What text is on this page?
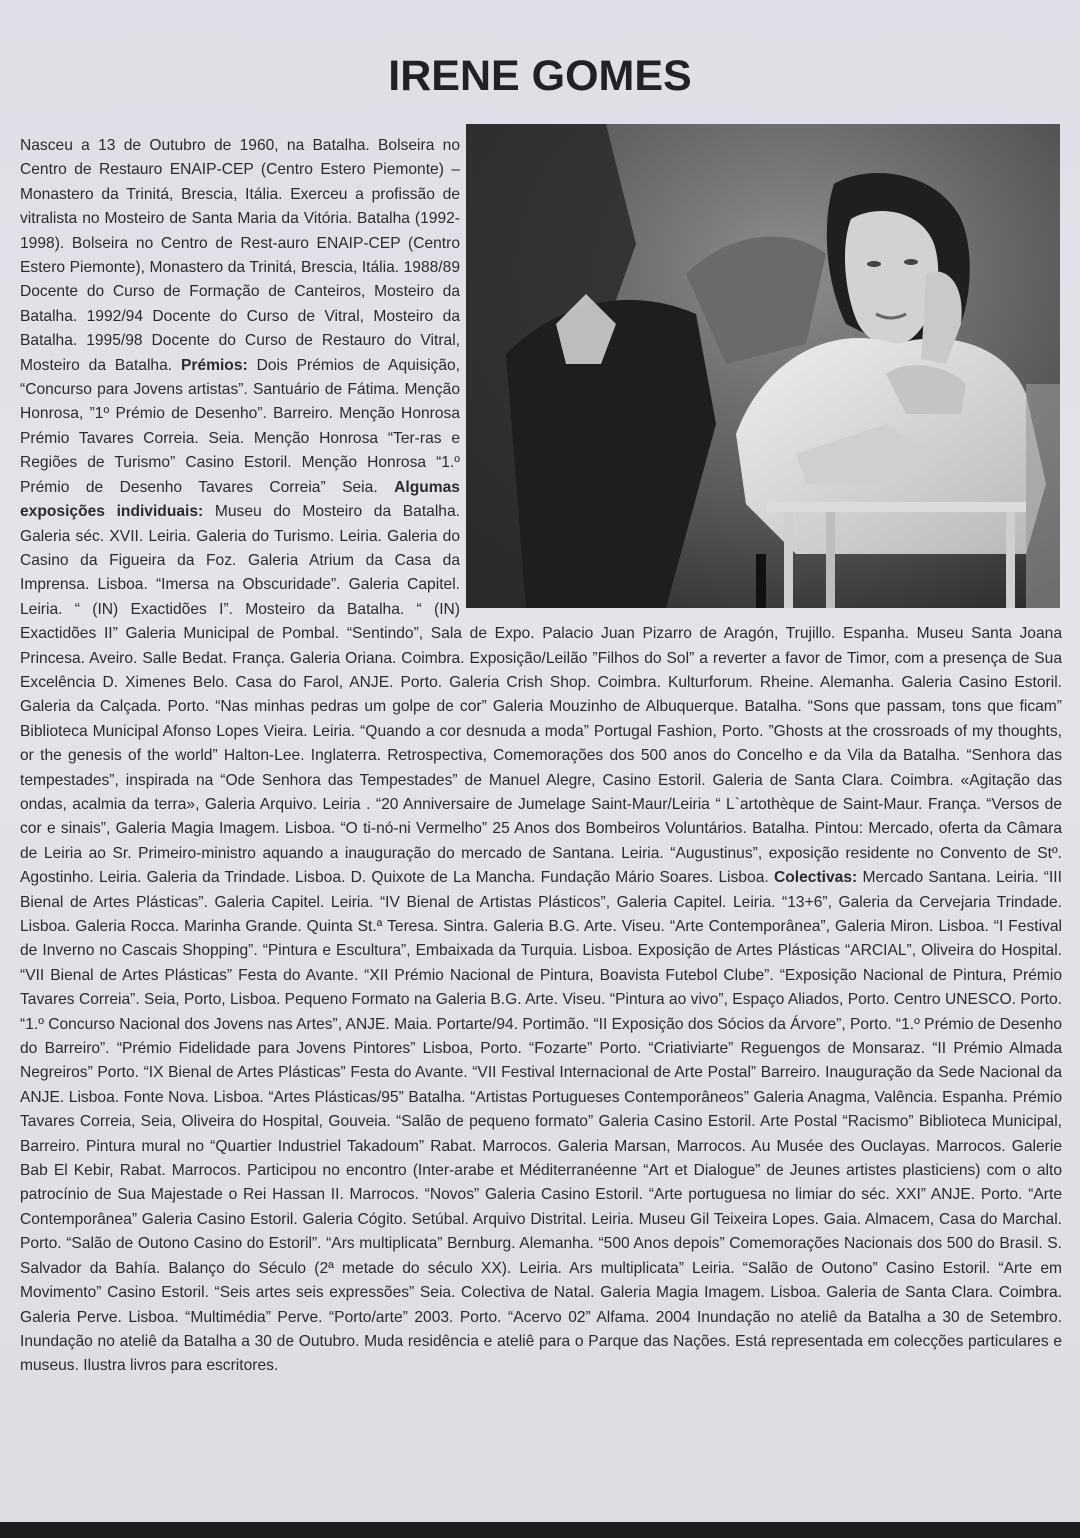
IRENE GOMES

Nasceu a 13 de Outubro de 1960, na Batalha. Bolseira no Centro de Restauro ENAIP-CEP (Centro Estero Piemonte) – Monastero da Trinitá, Brescia, Itália. Exerceu a profissão de vitralista no Mosteiro de Santa Maria da Vitória. Batalha (1992-1998). Bolseira no Centro de Rest-auro ENAIP-CEP (Centro Estero Piemonte), Monastero da Trinitá, Brescia, Itália. 1988/89 Docente do Curso de Formação de Canteiros, Mosteiro da Batalha. 1992/94 Docente do Curso de Vitral, Mosteiro da Batalha. 1995/98 Docente do Curso de Restauro do Vitral, Mosteiro da Batalha. Prémios: Dois Prémios de Aquisição, “Concurso para Jovens artistas”. Santuário de Fátima. Menção Honrosa, ”1º Prémio de Desenho”. Barreiro. Menção Honrosa Prémio Tavares Correia. Seia. Menção Honrosa “Ter-ras e Regiões de Turismo” Casino Estoril. Menção Honrosa “1.º Prémio de Desenho Tavares Correia” Seia. Algumas exposições individuais: Museu do Mosteiro da Batalha. Galeria séc. XVII. Leiria. Galeria do Turismo. Leiria. Galeria do Casino da Figueira da Foz. Galeria Atrium da Casa da Imprensa. Lisboa. “Imersa na Obscuridade”. Galeria Capitel. Leiria. “ (IN) Exactidões I”. Mosteiro da Batalha. “ (IN) Exactidões II” Galeria Municipal de Pombal. “Sentindo”, Sala de Expo. Palacio Juan Pizarro de Aragón, Trujillo. Espanha. Museu Santa Joana Princesa. Aveiro. Salle Bedat. França. Galeria Oriana. Coimbra. Exposição/Leilão ”Filhos do Sol” a reverter a favor de Timor, com a presença de Sua Excelência D. Ximenes Belo. Casa do Farol, ANJE. Porto. Galeria Crish Shop. Coimbra. Kulturforum. Rheine. Alemanha. Galeria Casino Estoril. Galeria da Calçada. Porto. “Nas minhas pedras um golpe de cor” Galeria Mouzinho de Albuquerque. Batalha. “Sons que passam, tons que ficam” Biblioteca Municipal Afonso Lopes Vieira. Leiria. “Quando a cor desnuda a moda” Portugal Fashion, Porto. ”Ghosts at the crossroads of my thoughts, or the genesis of the world” Halton-Lee. Inglaterra. Retrospectiva, Comemorações dos 500 anos do Concelho e da Vila da Batalha. “Senhora das tempestades”, inspirada na “Ode Senhora das Tempestades” de Manuel Alegre, Casino Estoril. Galeria de Santa Clara. Coimbra. «Agitação das ondas, acalmia da terra», Galeria Arquivo. Leiria . “20 Anniversaire de Jumelage Saint-Maur/Leiria “ L`artothèque de Saint-Maur. França. “Versos de cor e sinais”, Galeria Magia Imagem. Lisboa. “O ti-nó-ni Vermelho” 25 Anos dos Bombeiros Voluntários. Batalha. Pintou: Mercado, oferta da Câmara de Leiria ao Sr. Primeiro-ministro aquando a inauguração do mercado de Santana. Leiria. “Augustinus”, exposição residente no Convento de Stº. Agostinho. Leiria. Galeria da Trindade. Lisboa. D. Quixote de La Mancha. Fundação Mário Soares. Lisboa. Colectivas: Mercado Santana. Leiria. “III Bienal de Artes Plásticas”. Galeria Capitel. Leiria. “IV Bienal de Artistas Plásticos”, Galeria Capitel. Leiria. “13+6”, Galeria da Cervejaria Trindade. Lisboa. Galeria Rocca. Marinha Grande. Quinta St.ª Teresa. Sintra. Galeria B.G. Arte. Viseu. “Arte Contemporânea”, Galeria Miron. Lisboa. “I Festival de Inverno no Cascais Shopping”. “Pintura e Escultura”, Embaixada da Turquia. Lisboa. Exposição de Artes Plásticas “ARCIAL”, Oliveira do Hospital. “VII Bienal de Artes Plásticas” Festa do Avante. “XII Prémio Nacional de Pintura, Boavista Futebol Clube”. “Exposição Nacional de Pintura, Prémio Tavares Correia”. Seia, Porto, Lisboa. Pequeno Formato na Galeria B.G. Arte. Viseu. “Pintura ao vivo”, Espaço Aliados, Porto. Centro UNESCO. Porto. “1.º Concurso Nacional dos Jovens nas Artes”, ANJE. Maia. Portarte/94. Portimão. “II Exposição dos Sócios da Árvore”, Porto. “1.º Prémio de Desenho do Barreiro”. “Prémio Fidelidade para Jovens Pintores” Lisboa, Porto. “Fozarte” Porto. “Criativiarte” Reguengos de Monsaraz. “II Prémio Almada Negreiros” Porto. “IX Bienal de Artes Plásticas” Festa do Avante. “VII Festival Internacional de Arte Postal” Barreiro. Inauguração da Sede Nacional da ANJE. Lisboa. Fonte Nova. Lisboa. “Artes Plásticas/95” Batalha. “Artistas Portugueses Contemporâneos” Galeria Anagma, Valência. Espanha. Prémio Tavares Correia, Seia, Oliveira do Hospital, Gouveia. “Salão de pequeno formato” Galeria Casino Estoril. Arte Postal “Racismo” Biblioteca Municipal, Barreiro. Pintura mural no “Quartier Industriel Takadoum” Rabat. Marrocos. Galeria Marsan, Marrocos. Au Musée des Ouclayas. Marrocos. Galerie Bab El Kebir, Rabat. Marrocos. Participou no encontro (Inter-arabe et Méditerranéenne “Art et Dialogue” de Jeunes artistes plasticiens) com o alto patrocínio de Sua Majestade o Rei Hassan II. Marrocos. “Novos” Galeria Casino Estoril. “Arte portuguesa no limiar do séc. XXI” ANJE. Porto. “Arte Contemporânea” Galeria Casino Estoril. Galeria Cógito. Setúbal. Arquivo Distrital. Leiria. Museu Gil Teixeira Lopes. Gaia. Almacem, Casa do Marchal. Porto. “Salão de Outono Casino do Estoril”. “Ars multiplicata” Bernburg. Alemanha. “500 Anos depois” Comemorações Nacionais dos 500 do Brasil. S. Salvador da Bahía. Balanço do Século (2ª metade do século XX). Leiria. Ars multiplicata” Leiria. “Salão de Outono” Casino Estoril. “Arte em Movimento” Casino Estoril. “Seis artes seis expressões” Seia. Colectiva de Natal. Galeria Magia Imagem. Lisboa. Galeria de Santa Clara. Coimbra. Galeria Perve. Lisboa. “Multimédia” Perve. “Porto/arte” 2003. Porto. “Acervo 02” Alfama. 2004 Inundação no ateliê da Batalha a 30 de Setembro. Inundação no ateliê da Batalha a 30 de Outubro. Muda residência e ateliê para o Parque das Nações. Está representada em colecções particulares e museus. Ilustra livros para escritores.
